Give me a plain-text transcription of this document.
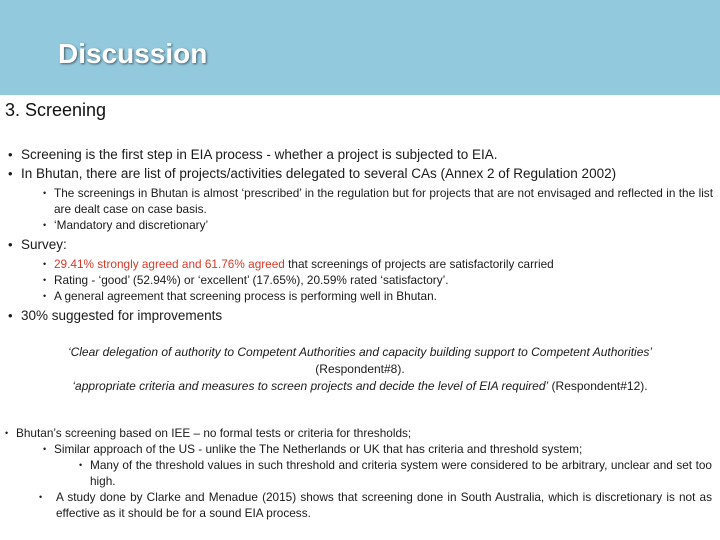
Discussion
3. Screening
• Screening is the first step in EIA process - whether a project is subjected to EIA.
• In Bhutan, there are list of projects/activities delegated to several CAs (Annex 2 of Regulation 2002)
• The screenings in Bhutan is almost ‘prescribed’ in the regulation but for projects that are not envisaged and reflected in the list are dealt case on case basis.
• ‘Mandatory and discretionary’
• Survey:
• 29.41% strongly agreed and 61.76% agreed that screenings of projects are satisfactorily carried
• Rating - ‘good’ (52.94%) or ‘excellent’ (17.65%), 20.59% rated ‘satisfactory’.
• A general agreement that screening process is performing well in Bhutan.
• 30% suggested for improvements
‘Clear delegation of authority to Competent Authorities and capacity building support to Competent Authorities’
(Respondent#8).
‘appropriate criteria and measures to screen projects and decide the level of EIA required’ (Respondent#12).
• Bhutan’s screening based on IEE – no formal tests or criteria for thresholds;
• Similar approach of the US - unlike the The Netherlands or UK that has criteria and threshold system;
• Many of the threshold values in such threshold and criteria system were considered to be arbitrary, unclear and set too high.
• A study done by Clarke and Menadue (2015) shows that screening done in South Australia, which is discretionary is not as effective as it should be for a sound EIA process.
